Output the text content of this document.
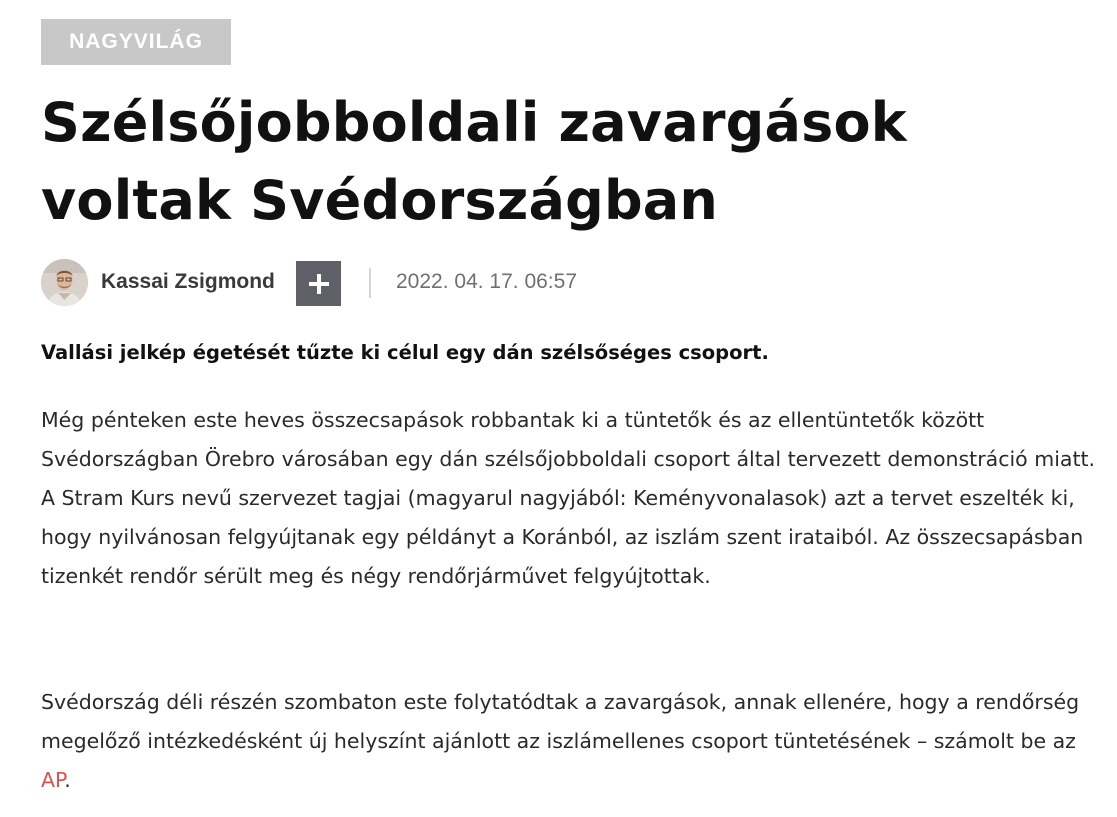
NAGYVILÁG
Szélsőjobboldali zavargások voltak Svédországban
Kassai Zsigmond	2022. 04. 17. 06:57

Vallási jelkép égetését tűzte ki célul egy dán szélsőséges csoport.

Még pénteken este heves összecsapások robbantak ki a tüntetők és az ellentüntetők között Svédországban Örebro városában egy dán szélsőjobboldali csoport által tervezett demonstráció miatt. A Stram Kurs nevű szervezet tagjai (magyarul nagyjából: Keményvonalasok) azt a tervet eszelték ki, hogy nyilvánosan felgyújtanak egy példányt a Koránból, az iszlám szent irataiból. Az összecsapásban tizenkét rendőr sérült meg és négy rendőrjárművet felgyújtottak.

Svédország déli részén szombaton este folytatódtak a zavargások, annak ellenére, hogy a rendőrség megelőző intézkedésként új helyszínt ajánlott az iszlámellenes csoport tüntetésének – számolt be az AP.
